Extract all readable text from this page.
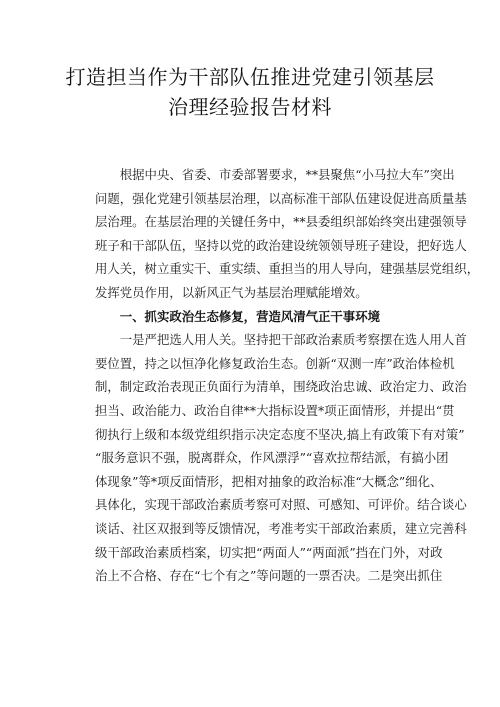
打造担当作为干部队伍推进党建引领基层
治理经验报告材料
　　根据中央、省委、市委部署要求，**县聚焦“小马拉大车”突出
问题，强化党建引领基层治理，以高标准干部队伍建设促进高质量基
层治理。在基层治理的关键任务中，**县委组织部始终突出建强领导
班子和干部队伍，坚持以党的政治建设统领领导班子建设，把好选人
用人关，树立重实干、重实绩、重担当的用人导向，建强基层党组织，
发挥党员作用，以新风正气为基层治理赋能增效。
　　一、抓实政治生态修复，营造风清气正干事环境
　　一是严把选人用人关。坚持把干部政治素质考察摆在选人用人首
要位置，持之以恒净化修复政治生态。创新“双测一库”政治体检机
制，制定政治表现正负面行为清单，围绕政治忠诚、政治定力、政治
担当、政治能力、政治自律**大指标设置*项正面情形，并提出“贯
彻执行上级和本级党组织指示决定态度不坚决,搞上有政策下有对策”
“服务意识不强，脱离群众，作风漂浮”“喜欢拉帮结派，有搞小团
体现象”等*项反面情形，把相对抽象的政治标准“大概念”细化、
具体化，实现干部政治素质考察可对照、可感知、可评价。结合谈心
谈话、社区双报到等反馈情况，考准考实干部政治素质，建立完善科
级干部政治素质档案，切实把“两面人”“两面派”挡在门外，对政
治上不合格、存在“七个有之”等问题的一票否决。二是突出抓住
